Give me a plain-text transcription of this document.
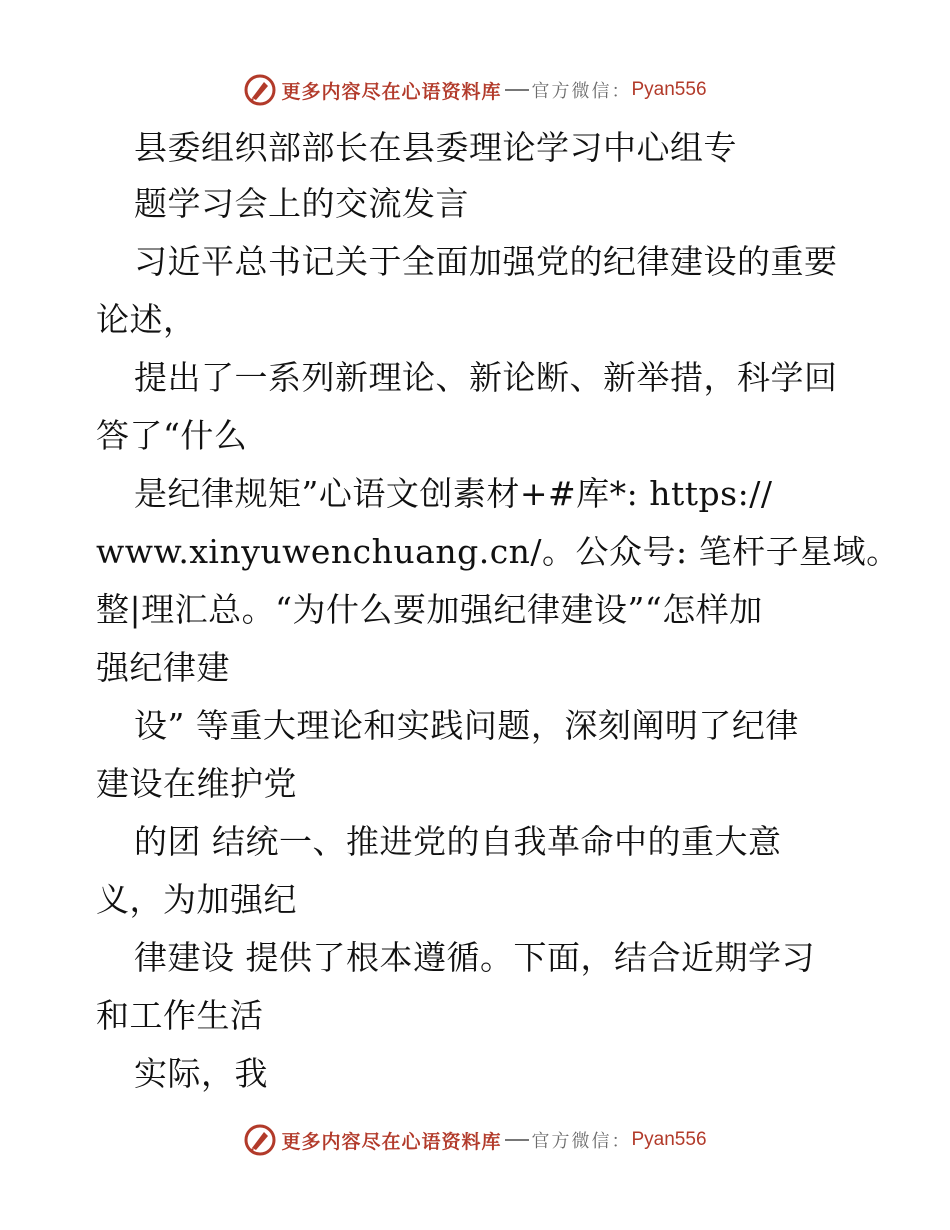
更多内容尽在心语资料库 官方微信： Pyan556
县委组织部部长在县委理论学习中心组专
题学习会上的交流发言
习近平总书记关于全面加强党的纪律建设的重要
论述，
提出了一系列新理论、新论断、新举措，科学回
答了“什么
是纪律规矩”心语文创素材+#库*: https://
www.xinyuwenchuang.cn/。公众号: 笔杆子星域。
整|理汇总。“为什么要加强纪律建设”“怎样加
强纪律建
设” 等重大理论和实践问题，深刻阐明了纪律
建设在维护党
的团 结统一、推进党的自我革命中的重大意
义，为加强纪
律建设 提供了根本遵循。下面，结合近期学习
和工作生活
实际，我
更多内容尽在心语资料库 官方微信： Pyan556
